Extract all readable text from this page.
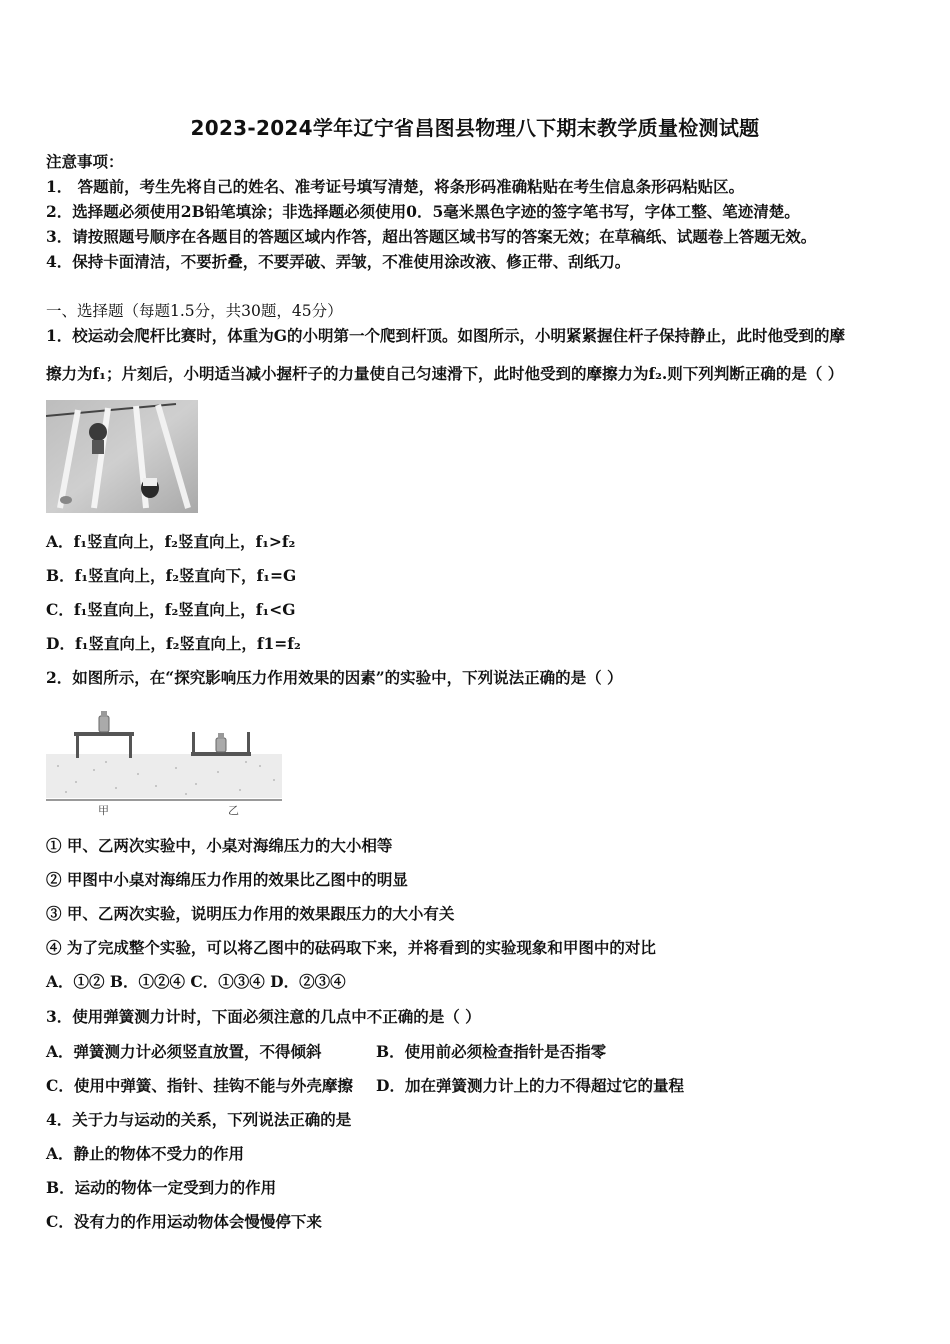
2023-2024学年辽宁省昌图县物理八下期末教学质量检测试题
注意事项：
1． 答题前，考生先将自己的姓名、准考证号填写清楚，将条形码准确粘贴在考生信息条形码粘贴区。
2．选择题必须使用2B铅笔填涂；非选择题必须使用0．5毫米黑色字迹的签字笔书写，字体工整、笔迹清楚。
3．请按照题号顺序在各题目的答题区域内作答，超出答题区域书写的答案无效；在草稿纸、试题卷上答题无效。
4．保持卡面清洁，不要折叠，不要弄破、弄皱，不准使用涂改液、修正带、刮纸刀。
一、选择题（每题1.5分，共30题，45分）
1．校运动会爬杆比赛时，体重为G的小明第一个爬到杆顶。如图所示，小明紧紧握住杆子保持静止，此时他受到的摩
擦力为f₁；片刻后，小明适当减小握杆子的力量使自己匀速滑下，此时他受到的摩擦力为f₂.则下列判断正确的是（ ）
A．f₁竖直向上，f₂竖直向上，f₁>f₂
B．f₁竖直向上，f₂竖直向下，f₁=G
C．f₁竖直向上，f₂竖直向上，f₁<G
D．f₁竖直向上，f₂竖直向上，f1=f₂
2．如图所示，在“探究影响压力作用效果的因素”的实验中，下列说法正确的是（ ）
甲	乙
① 甲、乙两次实验中，小桌对海绵压力的大小相等
② 甲图中小桌对海绵压力作用的效果比乙图中的明显
③ 甲、乙两次实验，说明压力作用的效果跟压力的大小有关
④ 为了完成整个实验，可以将乙图中的砝码取下来，并将看到的实验现象和甲图中的对比
A．①② B．①②④ C．①③④ D．②③④
3．使用弹簧测力计时，下面必须注意的几点中不正确的是（ ）
A．弹簧测力计必须竖直放置，不得倾斜	B．使用前必须检查指针是否指零
C．使用中弹簧、指针、挂钩不能与外壳摩擦 D．加在弹簧测力计上的力不得超过它的量程
4．关于力与运动的关系，下列说法正确的是
A．静止的物体不受力的作用
B．运动的物体一定受到力的作用
C．没有力的作用运动物体会慢慢停下来
